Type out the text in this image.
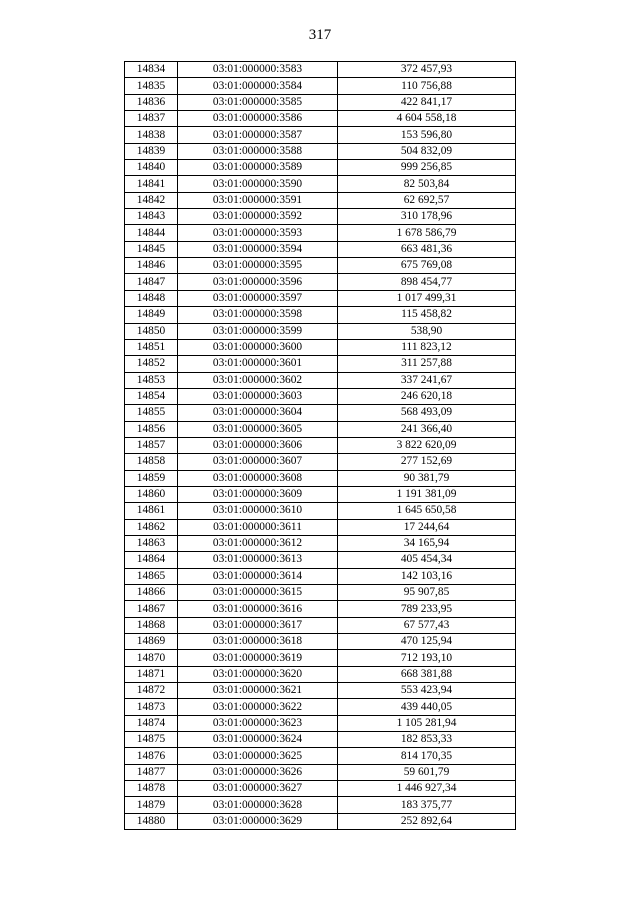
317
14834	03:01:000000:3583	372 457,93
14835	03:01:000000:3584	110 756,88
14836	03:01:000000:3585	422 841,17
14837	03:01:000000:3586	4 604 558,18
14838	03:01:000000:3587	153 596,80
14839	03:01:000000:3588	504 832,09
14840	03:01:000000:3589	999 256,85
14841	03:01:000000:3590	82 503,84
14842	03:01:000000:3591	62 692,57
14843	03:01:000000:3592	310 178,96
14844	03:01:000000:3593	1 678 586,79
14845	03:01:000000:3594	663 481,36
14846	03:01:000000:3595	675 769,08
14847	03:01:000000:3596	898 454,77
14848	03:01:000000:3597	1 017 499,31
14849	03:01:000000:3598	115 458,82
14850	03:01:000000:3599	538,90
14851	03:01:000000:3600	111 823,12
14852	03:01:000000:3601	311 257,88
14853	03:01:000000:3602	337 241,67
14854	03:01:000000:3603	246 620,18
14855	03:01:000000:3604	568 493,09
14856	03:01:000000:3605	241 366,40
14857	03:01:000000:3606	3 822 620,09
14858	03:01:000000:3607	277 152,69
14859	03:01:000000:3608	90 381,79
14860	03:01:000000:3609	1 191 381,09
14861	03:01:000000:3610	1 645 650,58
14862	03:01:000000:3611	17 244,64
14863	03:01:000000:3612	34 165,94
14864	03:01:000000:3613	405 454,34
14865	03:01:000000:3614	142 103,16
14866	03:01:000000:3615	95 907,85
14867	03:01:000000:3616	789 233,95
14868	03:01:000000:3617	67 577,43
14869	03:01:000000:3618	470 125,94
14870	03:01:000000:3619	712 193,10
14871	03:01:000000:3620	668 381,88
14872	03:01:000000:3621	553 423,94
14873	03:01:000000:3622	439 440,05
14874	03:01:000000:3623	1 105 281,94
14875	03:01:000000:3624	182 853,33
14876	03:01:000000:3625	814 170,35
14877	03:01:000000:3626	59 601,79
14878	03:01:000000:3627	1 446 927,34
14879	03:01:000000:3628	183 375,77
14880	03:01:000000:3629	252 892,64
